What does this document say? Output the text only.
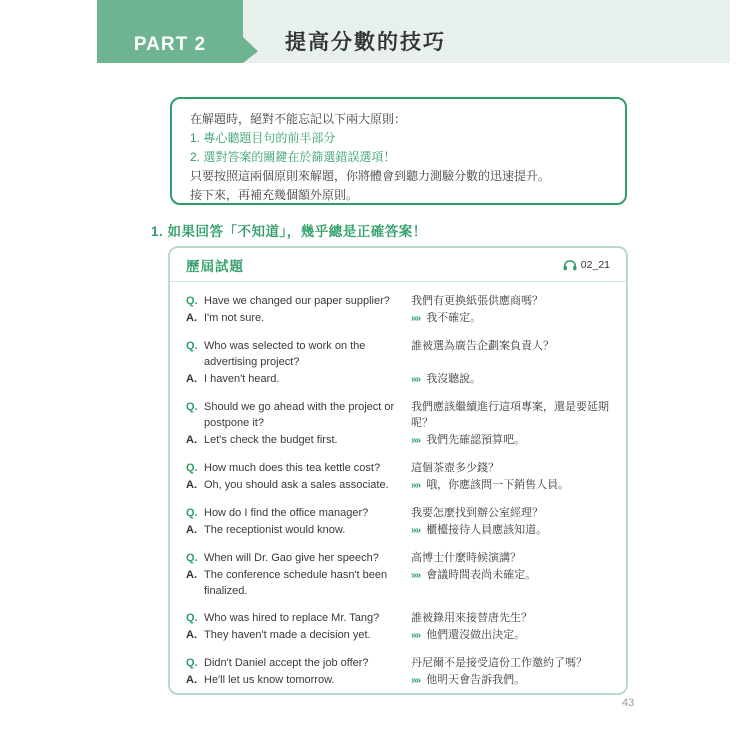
PART 2	提高分數的技巧

在解題時，絕對不能忘記以下兩大原則：

1. 專心聽題目句的前半部分

2. 選對答案的關鍵在於篩選錯誤選項！

只要按照這兩個原則來解題，你將體會到聽力測驗分數的迅速提升。

接下來，再補充幾個額外原則。

1. 如果回答「不知道」，幾乎總是正確答案！
歷屆試題	02_21
Q. Have we changed our paper supplier? 我們有更換紙張供應商嗎？
A. I'm not sure.	»» 我不確定。
Q. Who was selected to work on the advertising project?
誰被選為廣告企劃案負責人？
A. I haven't heard.	»» 我沒聽說。
Q. Should we go ahead with the project or postpone it?
我們應該繼續進行這項專案，還是要延期呢？
A. Let's check the budget first.	»» 我們先確認預算吧。
Q. How much does this tea kettle cost?	這個茶壺多少錢？
A. Oh, you should ask a sales associate. »» 哦，你應該問一下銷售人員。
Q. How do I find the office manager?	我要怎麼找到辦公室經理？
A. The receptionist would know.	»» 櫃檯接待人員應該知道。
Q. When will Dr. Gao give her speech?	高博士什麼時候演講？
A. The conference schedule hasn't been finalized.
»» 會議時間表尚未確定。
Q. Who was hired to replace Mr. Tang?	誰被錄用來接替唐先生？
A. They haven't made a decision yet.	»» 他們還沒做出決定。
Q. Didn't Daniel accept the job offer?	丹尼爾不是接受這份工作邀約了嗎？
A. He'll let us know tomorrow.	»» 他明天會告訴我們。
43
